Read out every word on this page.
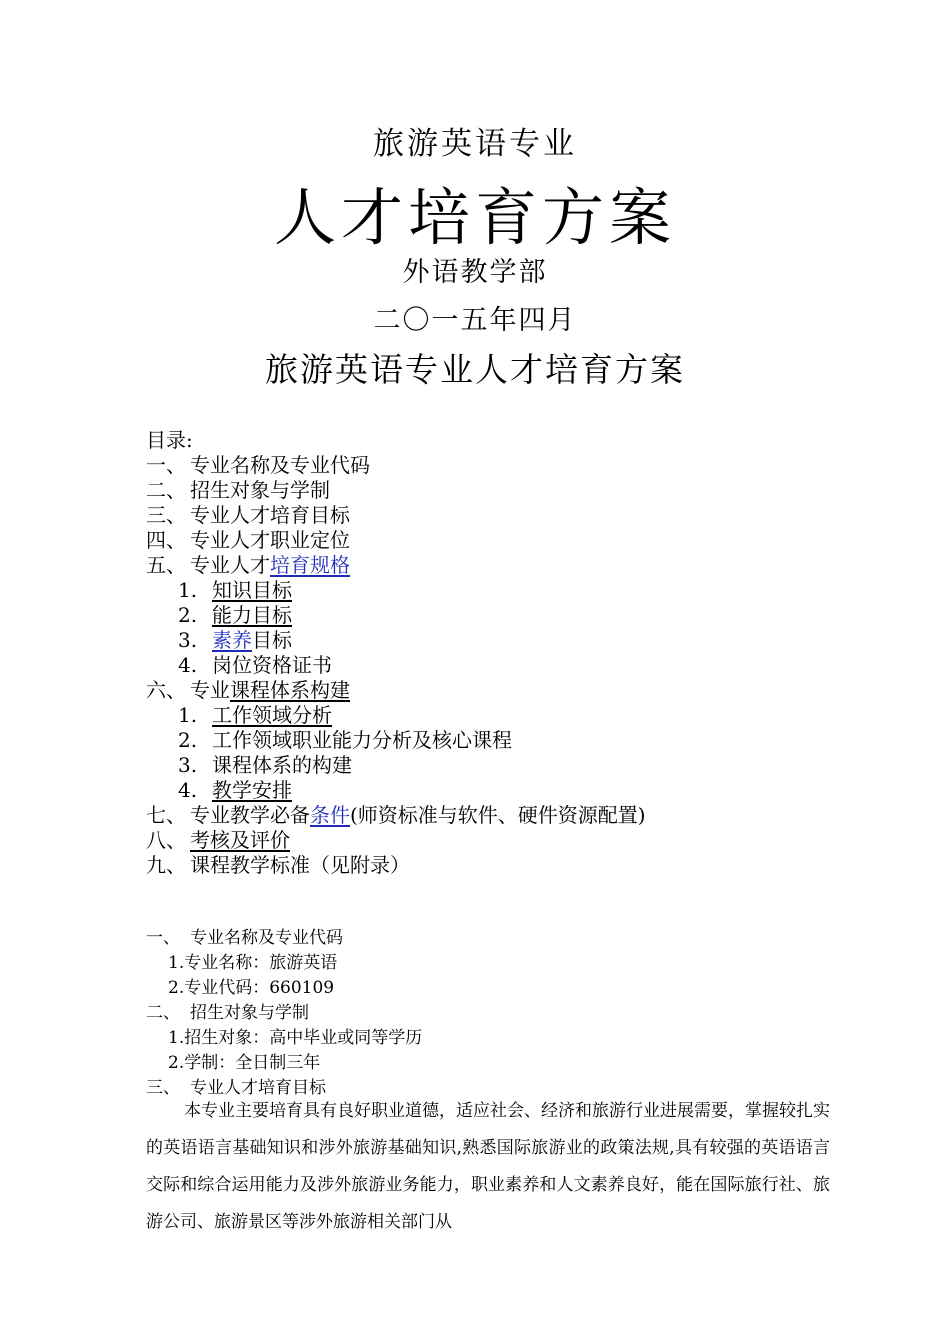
旅游英语专业
人才培育方案
外语教学部
二〇一五年四月
旅游英语专业人才培育方案
目录:
一、 专业名称及专业代码
二、 招生对象与学制
三、 专业人才培育目标
四、 专业人才职业定位
五、 专业人才培育规格
1. 知识目标
2. 能力目标
3. 素养目标
4. 岗位资格证书
六、 专业课程体系构建
1. 工作领域分析
2. 工作领域职业能力分析及核心课程
3. 课程体系的构建
4. 教学安排
七、 专业教学必备条件(师资标准与软件、硬件资源配置)
八、 考核及评价
九、 课程教学标准（见附录）
一、 专业名称及专业代码
1.专业名称：旅游英语
2.专业代码：660109
二、 招生对象与学制
1.招生对象：高中毕业或同等学历
2.学制：全日制三年
三、 专业人才培育目标
本专业主要培育具有良好职业道德，适应社会、经济和旅游行业进展需要，掌握较扎实的英语语言基础知识和涉外旅游基础知识,熟悉国际旅游业的政策法规,具有较强的英语语言交际和综合运用能力及涉外旅游业务能力，职业素养和人文素养良好，能在国际旅行社、旅游公司、旅游景区等涉外旅游相关部门从
